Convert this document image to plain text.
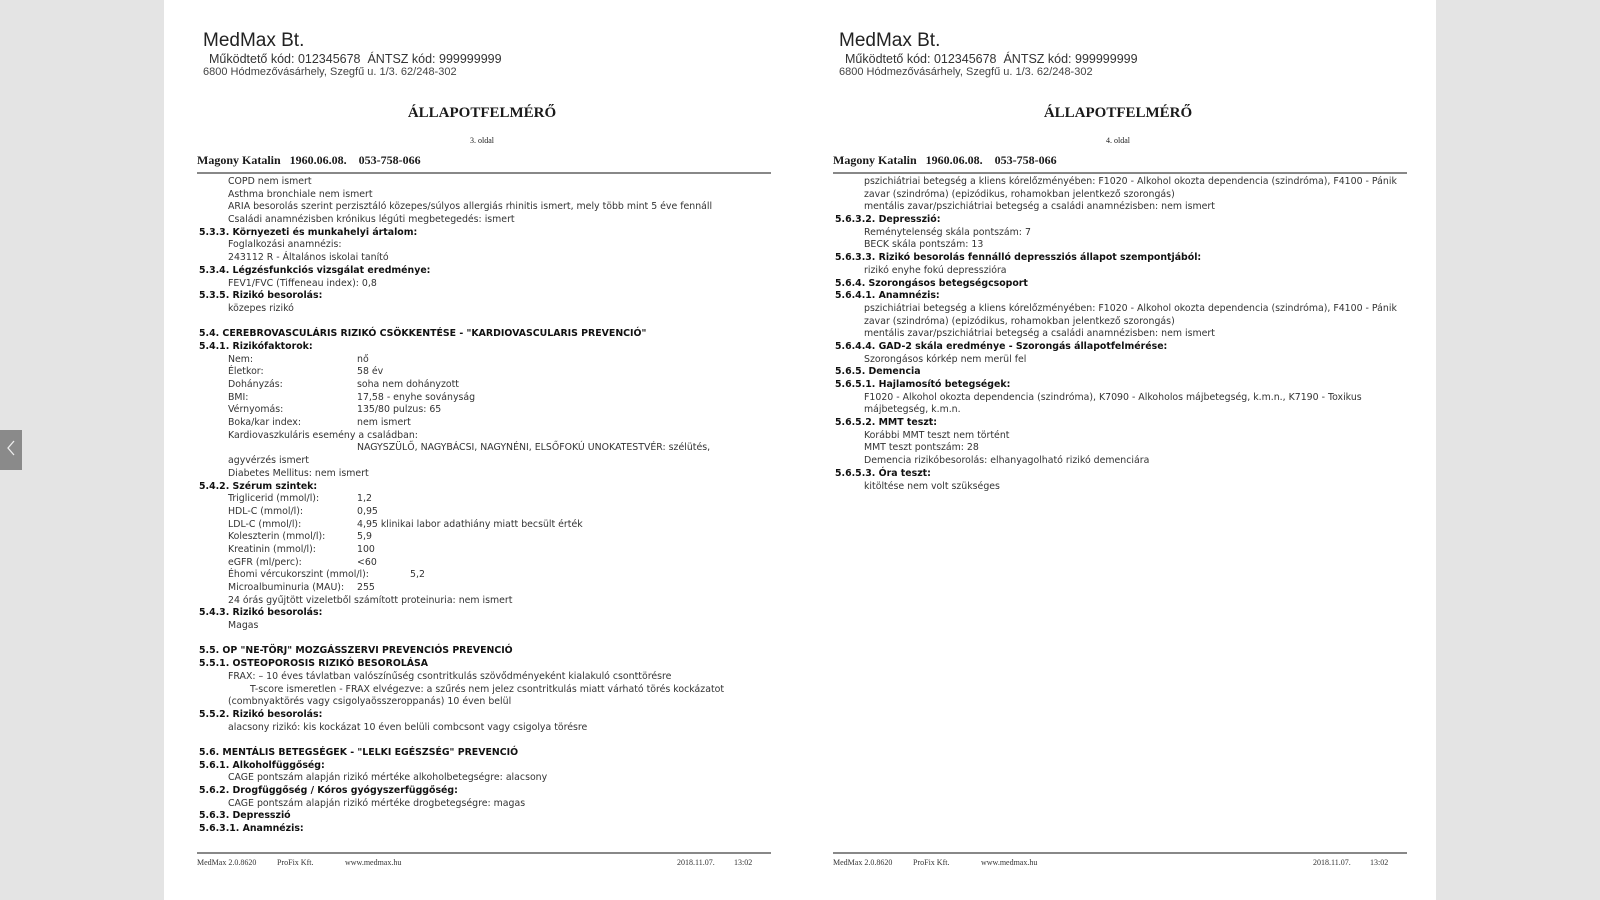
MedMax Bt.
Működtető kód: 012345678  ÁNTSZ kód: 999999999
6800 Hódmezővásárhely, Szegfű u. 1/3. 62/248-302
ÁLLAPOTFELMÉRŐ
3. oldal
Magony Katalin   1960.06.08.    053-758-066
COPD nem ismert
Asthma bronchiale nem ismert
ARIA besorolás szerint perzisztáló közepes/súlyos allergiás rhinitis ismert, mely több mint 5 éve fennáll
Családi anamnézisben krónikus légúti megbetegedés: ismert
5.3.3. Környezeti és munkahelyi ártalom:
Foglalkozási anamnézis:
243112 R - Általános iskolai tanító
5.3.4. Légzésfunkciós vizsgálat eredménye:
FEV1/FVC (Tiffeneau index): 0,8
5.3.5. Rizikó besorolás:
közepes rizikó
5.4. CEREBROVASCULÁRIS RIZIKÓ CSÖKKENTÉSE - "KARDIOVASCULARIS PREVENCIÓ"
5.4.1. Rizikófaktorok:
Nem:	nő
Életkor:	58 év
Dohányzás:	soha nem dohányzott
BMI:	17,58 - enyhe soványság
Vérnyomás:	135/80 pulzus: 65
Boka/kar index:	nem ismert
Kardiovaszkuláris esemény a családban:
NAGYSZÜLŐ, NAGYBÁCSI, NAGYNÉNI, ELSŐFOKÚ UNOKATESTVÉR: szélütés,
agyvérzés ismert
Diabetes Mellitus: nem ismert
5.4.2. Szérum szintek:
Triglicerid (mmol/l):	1,2
HDL-C (mmol/l):	0,95
LDL-C (mmol/l):	4,95 klinikai labor adathiány miatt becsült érték
Koleszterin (mmol/l):	5,9
Kreatinin (mmol/l):	100
eGFR (ml/perc):	<60
Éhomi vércukorszint (mmol/l):	5,2
Microalbuminuria (MAU):	255
24 órás gyűjtött vizeletből számított proteinuria: nem ismert
5.4.3. Rizikó besorolás:
Magas
5.5. OP "NE-TÖRJ" MOZGÁSSZERVI PREVENCIÓS PREVENCIÓ
5.5.1. OSTEOPOROSIS RIZIKÓ BESOROLÁSA
FRAX: – 10 éves távlatban valószínűség csontritkulás szövődményeként kialakuló csonttörésre
T-score ismeretlen - FRAX elvégezve: a szűrés nem jelez csontritkulás miatt várható törés kockázatot
(combnyaktörés vagy csigolyaösszeroppanás) 10 éven belül
5.5.2. Rizikó besorolás:
alacsony rizikó: kis kockázat 10 éven belüli combcsont vagy csigolya törésre
5.6. MENTÁLIS BETEGSÉGEK - "LELKI EGÉSZSÉG" PREVENCIÓ
5.6.1. Alkoholfüggőség:
CAGE pontszám alapján rizikó mértéke alkoholbetegségre: alacsony
5.6.2. Drogfüggőség / Kóros gyógyszerfüggőség:
CAGE pontszám alapján rizikó mértéke drogbetegségre: magas
5.6.3. Depresszió
5.6.3.1. Anamnézis:
MedMax 2.0.8620	ProFix Kft.	www.medmax.hu	2018.11.07. 13:02
MedMax Bt.
Működtető kód: 012345678  ÁNTSZ kód: 999999999
6800 Hódmezővásárhely, Szegfű u. 1/3. 62/248-302
ÁLLAPOTFELMÉRŐ
4. oldal
Magony Katalin   1960.06.08.    053-758-066
pszichiátriai betegség a kliens kórelőzményében: F1020 - Alkohol okozta dependencia (szindróma), F4100 - Pánik
zavar (szindróma) (epizódikus, rohamokban jelentkező szorongás)
mentális zavar/pszichiátriai betegség a családi anamnézisben: nem ismert
5.6.3.2. Depresszió:
Reménytelenség skála pontszám: 7
BECK skála pontszám: 13
5.6.3.3. Rizikó besorolás fennálló depressziós állapot szempontjából:
rizikó enyhe fokú depresszióra
5.6.4. Szorongásos betegségcsoport
5.6.4.1. Anamnézis:
pszichiátriai betegség a kliens kórelőzményében: F1020 - Alkohol okozta dependencia (szindróma), F4100 - Pánik
zavar (szindróma) (epizódikus, rohamokban jelentkező szorongás)
mentális zavar/pszichiátriai betegség a családi anamnézisben: nem ismert
5.6.4.4. GAD-2 skála eredménye - Szorongás állapotfelmérése:
Szorongásos kórkép nem merül fel
5.6.5. Demencia
5.6.5.1. Hajlamosító betegségek:
F1020 - Alkohol okozta dependencia (szindróma), K7090 - Alkoholos májbetegség, k.m.n., K7190 - Toxikus
májbetegség, k.m.n.
5.6.5.2. MMT teszt:
Korábbi MMT teszt nem történt
MMT teszt pontszám: 28
Demencia rizikóbesorolás: elhanyagolható rizikó demenciára
5.6.5.3. Óra teszt:
kitöltése nem volt szükséges
MedMax 2.0.8620	ProFix Kft.	www.medmax.hu	2018.11.07. 13:02
